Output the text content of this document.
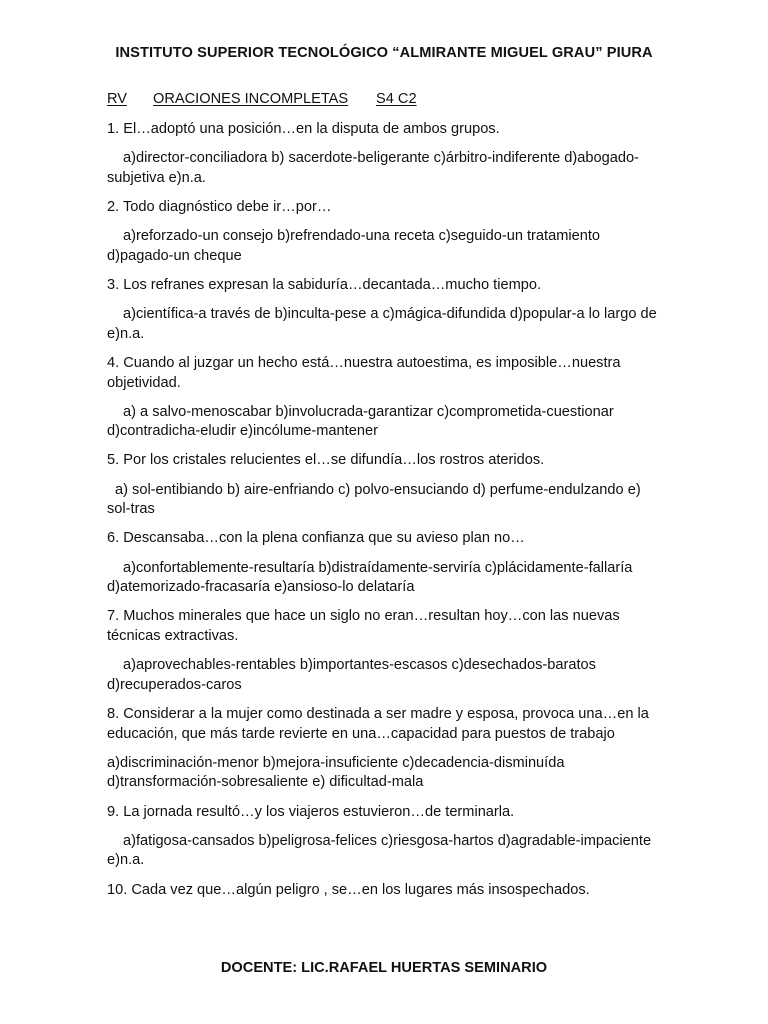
INSTITUTO SUPERIOR TECNOLÓGICO “ALMIRANTE MIGUEL GRAU” PIURA
RV ORACIONES INCOMPLETAS S4 C2

1. El…adoptó una posición…en la disputa de ambos grupos.

a)director-conciliadora b) sacerdote-beligerante c)árbitro-indiferente d)abogado-subjetiva e)n.a.

2. Todo diagnóstico debe ir…por…

a)reforzado-un consejo b)refrendado-una receta c)seguido-un tratamiento d)pagado-un cheque

3. Los refranes expresan la sabiduría…decantada…mucho tiempo.

a)científica-a través de b)inculta-pese a c)mágica-difundida d)popular-a lo largo de e)n.a.

4. Cuando al juzgar un hecho está…nuestra autoestima, es imposible…nuestra objetividad.

a) a salvo-menoscabar b)involucrada-garantizar c)comprometida-cuestionar d)contradicha-eludir e)incólume-mantener

5. Por los cristales relucientes el…se difundía…los rostros ateridos.

a) sol-entibiando b) aire-enfriando c) polvo-ensuciando d) perfume-endulzando e) sol-tras

6. Descansaba…con la plena confianza que su avieso plan no…

a)confortablemente-resultaría b)distraídamente-serviría c)plácidamente-fallaría d)atemorizado-fracasaría e)ansioso-lo delataría

7. Muchos minerales que hace un siglo no eran…resultan hoy…con las nuevas técnicas extractivas.

a)aprovechables-rentables b)importantes-escasos c)desechados-baratos d)recuperados-caros

8. Considerar a la mujer como destinada a ser madre y esposa, provoca una…en la educación, que más tarde revierte en una…capacidad para puestos de trabajo

a)discriminación-menor b)mejora-insuficiente c)decadencia-disminuída d)transformación-sobresaliente e) dificultad-mala

9. La jornada resultó…y los viajeros estuvieron…de terminarla.

a)fatigosa-cansados b)peligrosa-felices c)riesgosa-hartos d)agradable-impaciente e)n.a.

10. Cada vez que…algún peligro , se…en los lugares más insospechados.

DOCENTE: LIC.RAFAEL HUERTAS SEMINARIO
